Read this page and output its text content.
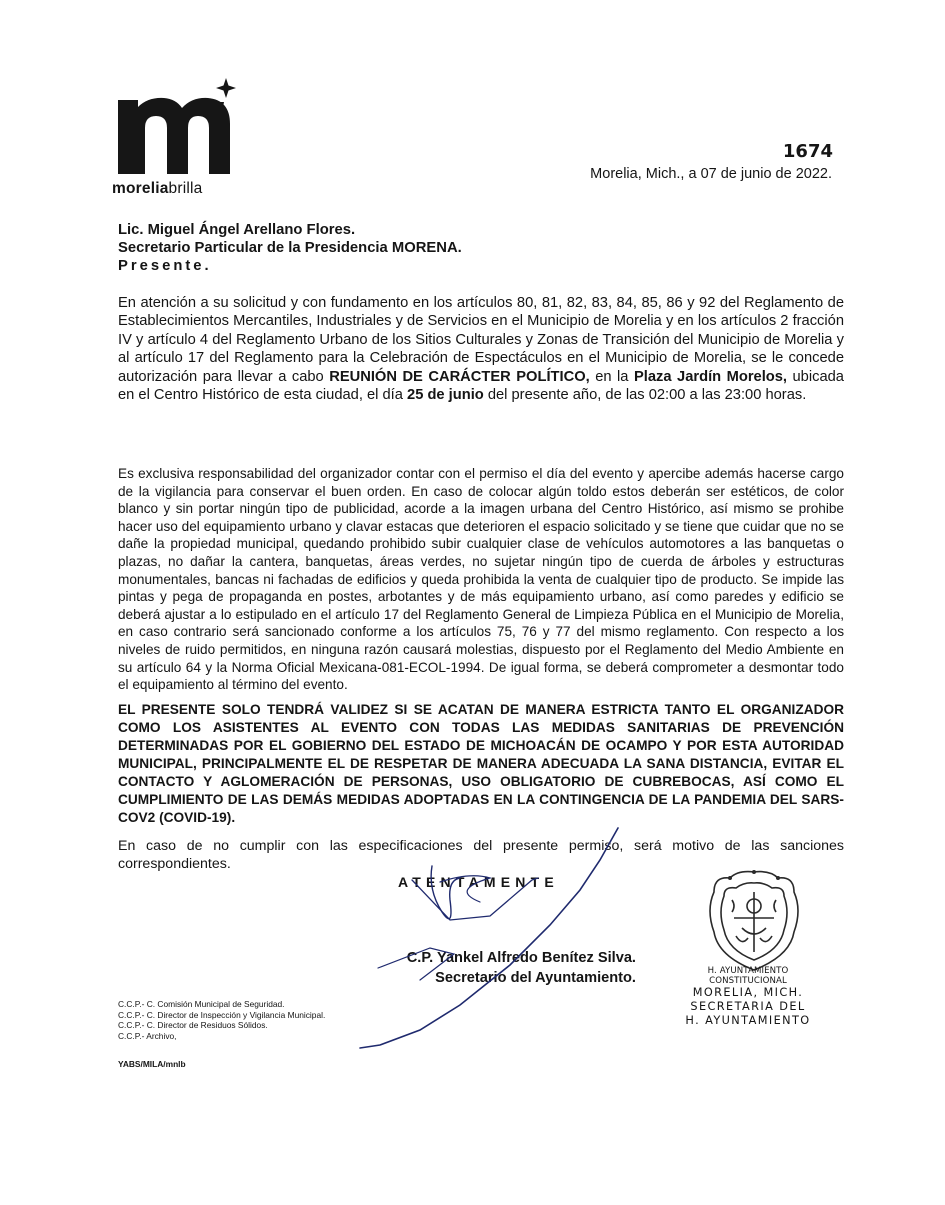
moreliabrilla
1674
Morelia, Mich., a 07 de junio de 2022.
Lic. Miguel Ángel Arellano Flores.
Secretario Particular de la Presidencia MORENA.
Presente.

En atención a su solicitud y con fundamento en los artículos 80, 81, 82, 83, 84, 85, 86 y 92 del Reglamento de Establecimientos Mercantiles, Industriales y de Servicios en el Municipio de Morelia y en los artículos 2 fracción IV y artículo 4 del Reglamento Urbano de los Sitios Culturales y Zonas de Transición del Municipio de Morelia y al artículo 17 del Reglamento para la Celebración de Espectáculos en el Municipio de Morelia, se le concede autorización para llevar a cabo REUNIÓN DE CARÁCTER POLÍTICO, en la Plaza Jardín Morelos, ubicada en el Centro Histórico de esta ciudad, el día 25 de junio del presente año, de las 02:00 a las 23:00 horas.

Es exclusiva responsabilidad del organizador contar con el permiso el día del evento y apercibe además hacerse cargo de la vigilancia para conservar el buen orden. En caso de colocar algún toldo estos deberán ser estéticos, de color blanco y sin portar ningún tipo de publicidad, acorde a la imagen urbana del Centro Histórico, así mismo se prohibe hacer uso del equipamiento urbano y clavar estacas que deterioren el espacio solicitado y se tiene que cuidar que no se dañe la propiedad municipal, quedando prohibido subir cualquier clase de vehículos automotores a las banquetas o plazas, no dañar la cantera, banquetas, áreas verdes, no sujetar ningún tipo de cuerda de árboles y estructuras monumentales, bancas ni fachadas de edificios y queda prohibida la venta de cualquier tipo de producto. Se impide las pintas y pega de propaganda en postes, arbotantes y de más equipamiento urbano, así como paredes y edificio se deberá ajustar a lo estipulado en el artículo 17 del Reglamento General de Limpieza Pública en el Municipio de Morelia, en caso contrario será sancionado conforme a los artículos 75, 76 y 77 del mismo reglamento. Con respecto a los niveles de ruido permitidos, en ninguna razón causará molestias, dispuesto por el Reglamento del Medio Ambiente en su artículo 64 y la Norma Oficial Mexicana-081-ECOL-1994. De igual forma, se deberá comprometer a desmontar todo el equipamiento al término del evento.

EL PRESENTE SOLO TENDRÁ VALIDEZ SI SE ACATAN DE MANERA ESTRICTA TANTO EL ORGANIZADOR COMO LOS ASISTENTES AL EVENTO CON TODAS LAS MEDIDAS SANITARIAS DE PREVENCIÓN DETERMINADAS POR EL GOBIERNO DEL ESTADO DE MICHOACÁN DE OCAMPO Y POR ESTA AUTORIDAD MUNICIPAL, PRINCIPALMENTE EL DE RESPETAR DE MANERA ADECUADA LA SANA DISTANCIA, EVITAR EL CONTACTO Y AGLOMERACIÓN DE PERSONAS, USO OBLIGATORIO DE CUBREBOCAS, ASÍ COMO EL CUMPLIMIENTO DE LAS DEMÁS MEDIDAS ADOPTADAS EN LA CONTINGENCIA DE LA PANDEMIA DEL SARS-COV2 (COVID-19).

En caso de no cumplir con las especificaciones del presente permiso, será motivo de las sanciones correspondientes.

ATENTAMENTE
C.P. Yankel Alfredo Benítez Silva.
Secretario del Ayuntamiento.	H. AYUNTAMIENTO CONSTITUCIONAL
MORELIA, MICH.
SECRETARIA DEL
H. AYUNTAMIENTO
C.C.P.- C. Comisión Municipal de Seguridad.
C.C.P.- C. Director de Inspección y Vigilancia Municipal.
C.C.P.- C. Director de Residuos Sólidos.
C.C.P.- Archivo,
YABS/MILA/mnlb
